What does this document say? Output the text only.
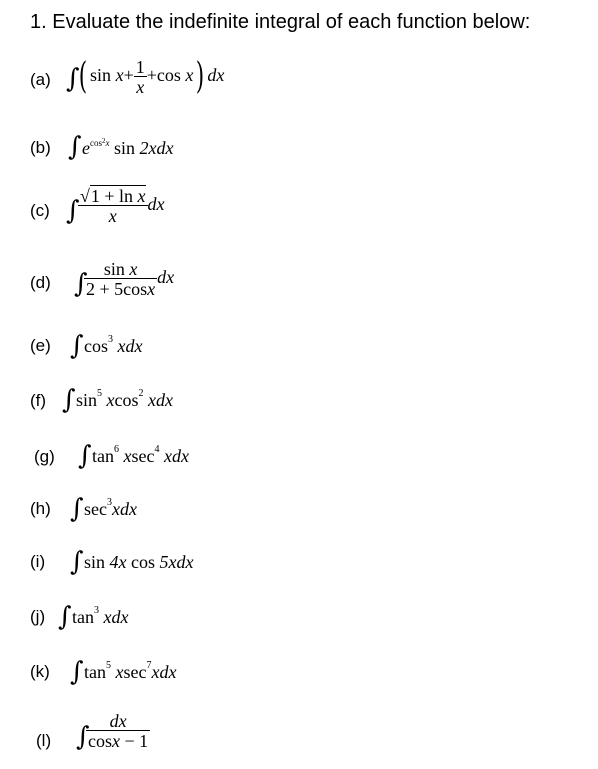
1. Evaluate the indefinite integral of each function below:
(a) ∫ ( $\sin x+ \frac{1}{x} +\cos$ x) dx
(b) ∫ $e^{cos^2x}$ sin 2xdx
(c) ∫
$\frac{\text{√1 + ln x}}{x}$ dx
(d) ∫
$\frac{\text{sin x}}{2 + 5\cos x}$ dx
(e) ∫ $\cos^3$ xdx
(f) ∫ $\sin^5 xcos^2$ xdx
(g) ∫ $\tan^6 xsec^4$ xdx
(h) ∫ $\sec^3xdx$
(i) ∫ sin 4x cos 5xdx
(j) ∫ $\tan^3$ xdx
(k) ∫ $\tan^5 xsec^7xdx$
(l) ∫
$\frac{dx}{\cos x - 1}$
